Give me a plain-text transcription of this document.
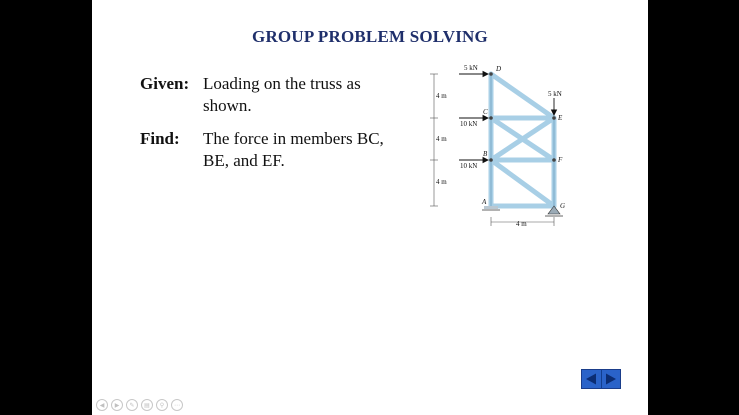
GROUP PROBLEM SOLVING
Given: Loading on the truss as shown.
Find: The force in members BC, BE, and EF.
D
C
B
A
E
F
G
5 kN
5 kN
10 kN
10 kN
4 m
4 m
4 m
4 m
◀	▶	✎	▤	⚲	⋯
